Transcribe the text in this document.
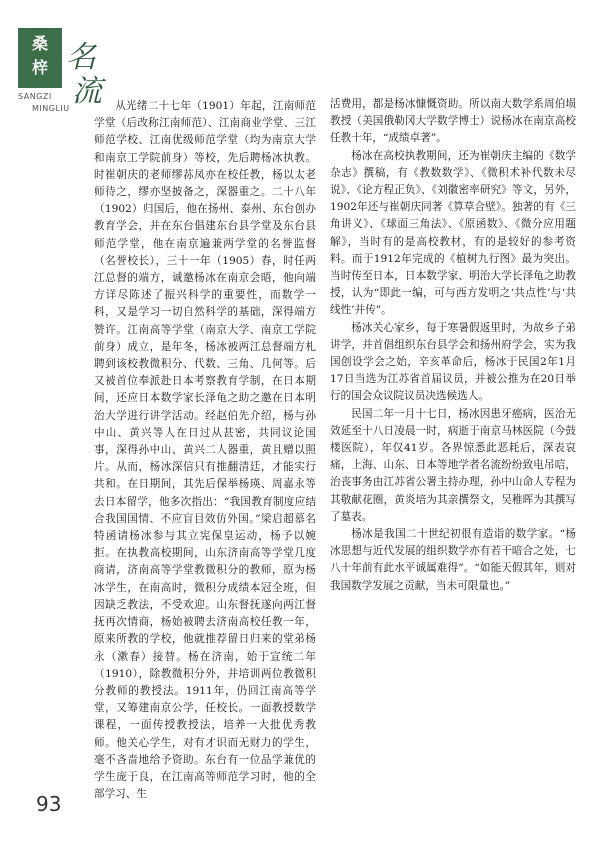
桑
梓 名
流
SANGZI
MINGLIU	从光绪二十七年（1901）年起，江南师范学堂（后改称江南师范）、江南商业学堂、三江师范学校、江南优级师范学堂（均为南京大学和南京工学院前身）等校，先后聘杨冰执教。时崔朝庆的老师缪荪凤亦在校任教，杨以太老师待之，缪亦坚披备之，深器重之。二十八年（1902）归国后，他在扬州、泰州、东台创办教育学会，并在东台倡建东台县学堂及东台县师范学堂，他在南京遍兼两学堂的名誉监督（名誉校长），三十一年（1905）春，时任两江总督的端方，诚邀杨冰在南京会晤，他向端方详尽陈述了振兴科学的重要性，而数学一科，又是学习一切自然科学的基础，深得端方赞许。江南高等学堂（南京大学、南京工学院前身）成立，是年冬，杨冰被两江总督端方札聘到该校教微积分、代数、三角、几何等。后又被首位奉派赴日本考察教育学制，在日本期间，还应日本数学家长泽龟之助之邀在日本明治大学进行讲学活动。经赵伯先介绍，杨与孙中山、黄兴等人在日过从甚密，共同议论国事，深得孙中山、黄兴二人器重，黄且赠以照片。从而，杨冰深信只有推翻清廷，才能实行共和。在日期间，其先后保举杨瑛、周嘉永等去日本留学，他多次指出：“我国教育制度应结合我国国情、不应盲目效仿外国。”梁启超慕名特函请杨冰参与其立宪保皇运动，杨予以婉拒。在执教高校期间，山东济南高等学堂几度商请，济南高等学堂教微积分的教师，原为杨冰学生，在南高时，微积分成绩本冠全班，但因缺乏教法，不受欢迎。山东督抚遂向两江督抚再次情商，杨始被聘去济南高校任教一年，原来所教的学校，他就推荐留日归来的堂弟杨永（漱春）接替。杨在济南，始于宣统二年（1910），除教微积分外，并培训两位教微积分教师的教授法。1911年，仍回江南高等学堂，又筹建南京公学，任校长。一面教授数学课程，一面传授教授法，培养一大批优秀教师。他关心学生，对有才识而无财力的学生，毫不吝啬地给予资助。东台有一位品学兼优的学生庞于良，在江南高等师范学习时，他的全部学习、生

活费用，都是杨冰慷慨资助。所以南大数学系周伯埙教授（美国俄勒冈大学数学博士）说杨冰在南京高校任教十年，“成绩卓著”。

杨冰在高校执教期间，还为崔朝庆主编的《数学杂志》撰稿，有《教数数学》、《微积术补代数未尽说》、《论方程正负》、《刘徽密率研究》等文，另外，1902年还与崔朝庆同著《算草合壁》。独著的有《三角讲义》、《球面三角法》、《原函数》、《微分应用题解》，当时有的是高校教材，有的是较好的参考资料。而于1912年完成的《植树九行图》最为突出。当时传至日本，日本数学家、明治大学长泽龟之助教授，认为“即此一编，可与西方发明之‘共点性’与‘共线性’并传”。

杨冰关心家乡，每于寒暑假返里时，为故乡子弟讲学，并首倡组织东台县学会和扬州府学会，实为我国创设学会之始，辛亥革命后，杨冰于民国2年1月17日当选为江苏省首届议员，并被公推为在20日举行的国会众议院议员决选候选人。

民国二年一月十七日，杨冰因患牙癌病，医治无效延至十八日凌晨一时，病逝于南京马林医院（今鼓楼医院），年仅41岁。各界惊悉此恶耗后，深表哀痛，上海、山东、日本等地学者名流纷纷致电吊唁，治丧事务由江苏省公署主持办理，孙中山命人专程为其敬献花圈，黄炎培为其亲撰祭文，吴稚晖为其撰写了墓表。

杨冰是我国二十世纪初很有造诣的数学家。“杨冰思想与近代发展的组织数学亦有若干暗合之处，七八十年前有此水平诚属难得”。“如能天假其年，则对我国数学发展之贡献，当未可限量也。”

93
